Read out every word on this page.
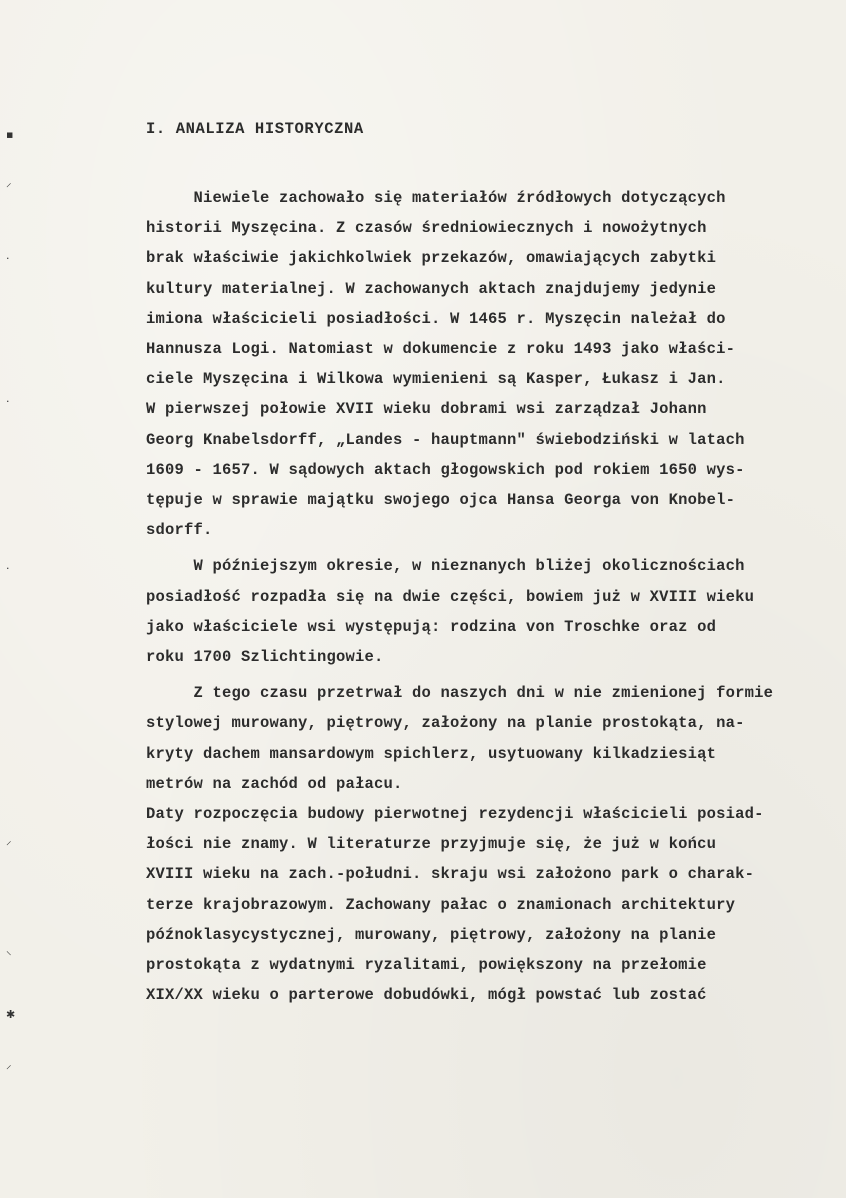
▪
⸍
·
·
·
⸍
⸌
✱
⸍
I. ANALIZA HISTORYCZNA
Niewiele zachowało się materiałów źródłowych dotyczących
historii Myszęcina. Z czasów średniowiecznych i nowożytnych
brak właściwie jakichkolwiek przekazów, omawiających zabytki
kultury materialnej. W zachowanych aktach znajdujemy jedynie
imiona właścicieli posiadłości. W 1465 r. Myszęcin należał do
Hannusza Logi. Natomiast w dokumencie z roku 1493 jako właści-
ciele Myszęcina i Wilkowa wymienieni są Kasper, Łukasz i Jan.
W pierwszej połowie XVII wieku dobrami wsi zarządzał Johann
Georg Knabelsdorff, „Landes - hauptmann" świebodziński w latach
1609 - 1657. W sądowych aktach głogowskich pod rokiem 1650 wys-
tępuje w sprawie majątku swojego ojca Hansa Georga von Knobel-
sdorff.
W późniejszym okresie, w nieznanych bliżej okolicznościach
posiadłość rozpadła się na dwie części, bowiem już w XVIII wieku
jako właściciele wsi występują: rodzina von Troschke oraz od
roku 1700 Szlichtingowie.
Z tego czasu przetrwał do naszych dni w nie zmienionej formie
stylowej murowany, piętrowy, założony na planie prostokąta, na-
kryty dachem mansardowym spichlerz, usytuowany kilkadziesiąt
metrów na zachód od pałacu.
Daty rozpoczęcia budowy pierwotnej rezydencji właścicieli posiad-
łości nie znamy. W literaturze przyjmuje się, że już w końcu
XVIII wieku na zach.-południ. skraju wsi założono park o charak-
terze krajobrazowym. Zachowany pałac o znamionach architektury
późnoklasycystycznej, murowany, piętrowy, założony na planie
prostokąta z wydatnymi ryzalitami, powiększony na przełomie
XIX/XX wieku o parterowe dobudówki, mógł powstać lub zostać
